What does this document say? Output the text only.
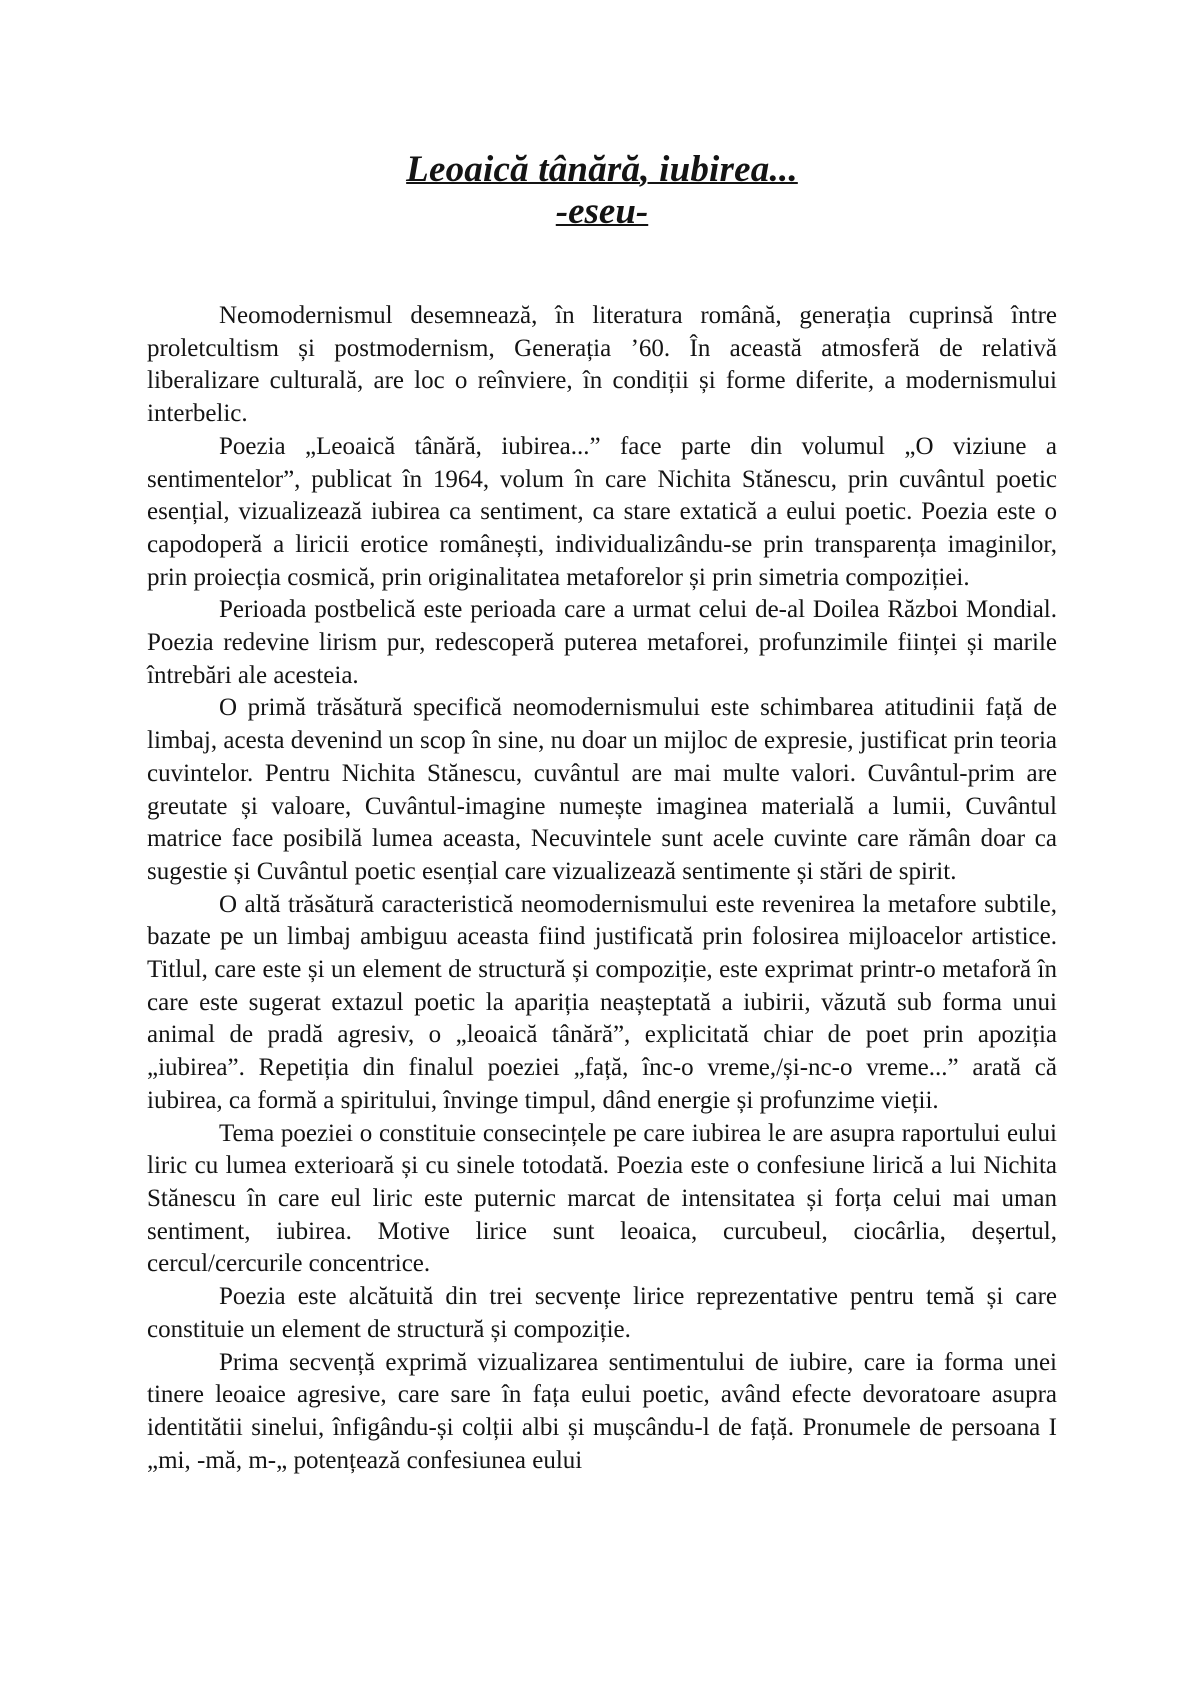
Leoaică tânără, iubirea...
-eseu-

Neomodernismul desemnează, în literatura română, generația cuprinsă între proletcultism și postmodernism, Generația ’60. În această atmosferă de relativă liberalizare culturală, are loc o reînviere, în condiții și forme diferite, a modernismului interbelic.

Poezia „Leoaică tânără, iubirea...” face parte din volumul „O viziune a sentimentelor”, publicat în 1964, volum în care Nichita Stănescu, prin cuvântul poetic esențial, vizualizează iubirea ca sentiment, ca stare extatică a eului poetic. Poezia este o capodoperă a liricii erotice românești, individualizându-se prin transparența imaginilor, prin proiecția cosmică, prin originalitatea metaforelor și prin simetria compoziției.

Perioada postbelică este perioada care a urmat celui de-al Doilea Război Mondial. Poezia redevine lirism pur, redescoperă puterea metaforei, profunzimile ființei și marile întrebări ale acesteia.

O primă trăsătură specifică neomodernismului este schimbarea atitudinii față de limbaj, acesta devenind un scop în sine, nu doar un mijloc de expresie, justificat prin teoria cuvintelor. Pentru Nichita Stănescu, cuvântul are mai multe valori. Cuvântul-prim are greutate și valoare, Cuvântul-imagine numește imaginea materială a lumii, Cuvântul matrice face posibilă lumea aceasta, Necuvintele sunt acele cuvinte care rămân doar ca sugestie și Cuvântul poetic esențial care vizualizează sentimente și stări de spirit.

O altă trăsătură caracteristică neomodernismului este revenirea la metafore subtile, bazate pe un limbaj ambiguu aceasta fiind justificată prin folosirea mijloacelor artistice. Titlul, care este și un element de structură și compoziție, este exprimat printr-o metaforă în care este sugerat extazul poetic la apariția neașteptată a iubirii, văzută sub forma unui animal de pradă agresiv, o „leoaică tânără”, explicitată chiar de poet prin apoziția „iubirea”. Repetiția din finalul poeziei „față, înc-o vreme,/și-nc-o vreme...” arată că iubirea, ca formă a spiritului, învinge timpul, dând energie și profunzime vieții.

Tema poeziei o constituie consecințele pe care iubirea le are asupra raportului eului liric cu lumea exterioară și cu sinele totodată. Poezia este o confesiune lirică a lui Nichita Stănescu în care eul liric este puternic marcat de intensitatea și forța celui mai uman sentiment, iubirea. Motive lirice sunt leoaica, curcubeul, ciocârlia, deșertul, cercul/cercurile concentrice.

Poezia este alcătuită din trei secvențe lirice reprezentative pentru temă și care constituie un element de structură și compoziție.

Prima secvență exprimă vizualizarea sentimentului de iubire, care ia forma unei tinere leoaice agresive, care sare în fața eului poetic, având efecte devoratoare asupra identitătii sinelui, înfigându-și colții albi și mușcându-l de față. Pronumele de persoana I „mi, -mă, m-„ potențează confesiunea eului
